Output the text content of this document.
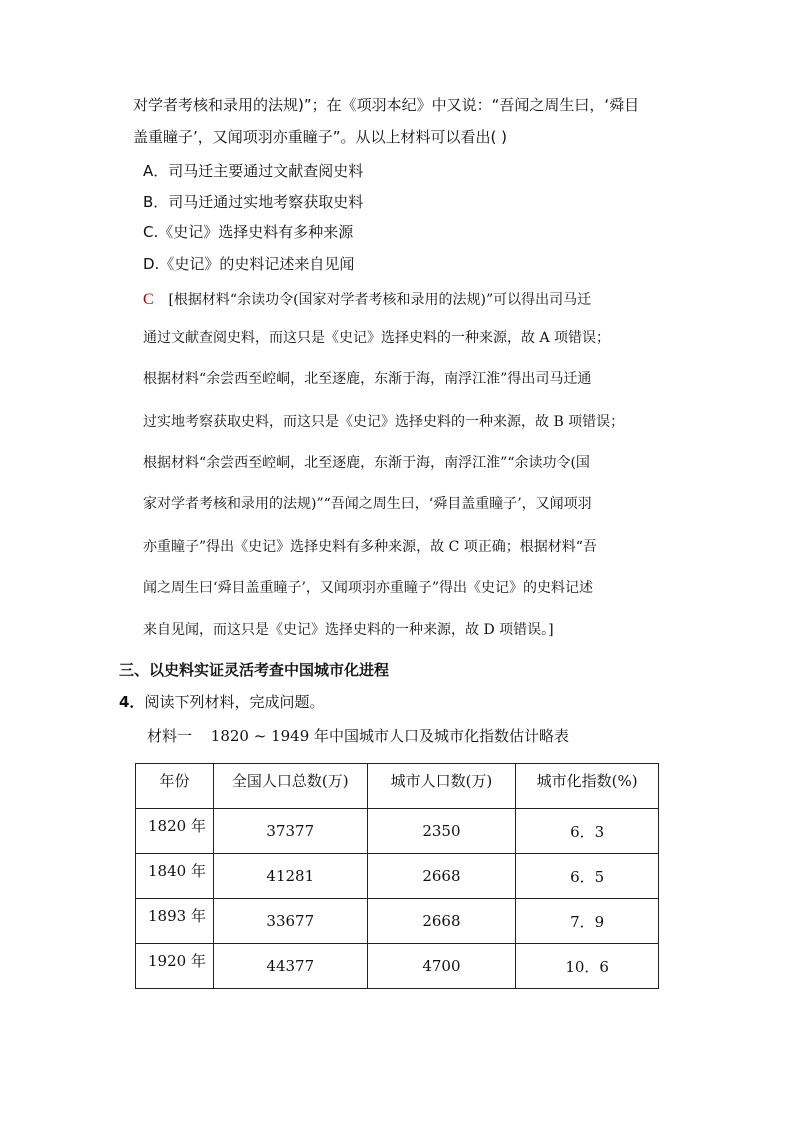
对学者考核和录用的法规)”；在《项羽本纪》中又说：“吾闻之周生曰，‘舜目
盖重瞳子’，又闻项羽亦重瞳子”。从以上材料可以看出( )
A．司马迁主要通过文献查阅史料
B．司马迁通过实地考察获取史料
C.《史记》选择史料有多种来源
D.《史记》的史料记述来自见闻
C [根据材料“余读功令(国家对学者考核和录用的法规)”可以得出司马迁
通过文献查阅史料，而这只是《史记》选择史料的一种来源，故 A 项错误；
根据材料“余尝西至崆峒，北至逐鹿，东渐于海，南浮江淮”得出司马迁通
过实地考察获取史料，而这只是《史记》选择史料的一种来源，故 B 项错误；
根据材料“余尝西至崆峒，北至逐鹿，东渐于海，南浮江淮”“余读功令(国
家对学者考核和录用的法规)”“吾闻之周生曰，‘舜目盖重瞳子’，又闻项羽
亦重瞳子”得出《史记》选择史料有多种来源，故 C 项正确；根据材料“吾
闻之周生曰‘舜目盖重瞳子’，又闻项羽亦重瞳子”得出《史记》的史料记述
来自见闻，而这只是《史记》选择史料的一种来源，故 D 项错误。]
三、以史料实证灵活考查中国城市化进程
4．阅读下列材料，完成问题。
材料一 1820 ~ 1949 年中国城市人口及城市化指数估计略表
年份	全国人口总数(万)	城市人口数(万)	城市化指数(%)
1820 年	37377	2350	6．3
1840 年	41281	2668	6．5
1893 年	33677	2668	7．9
1920 年	44377	4700	10．6
